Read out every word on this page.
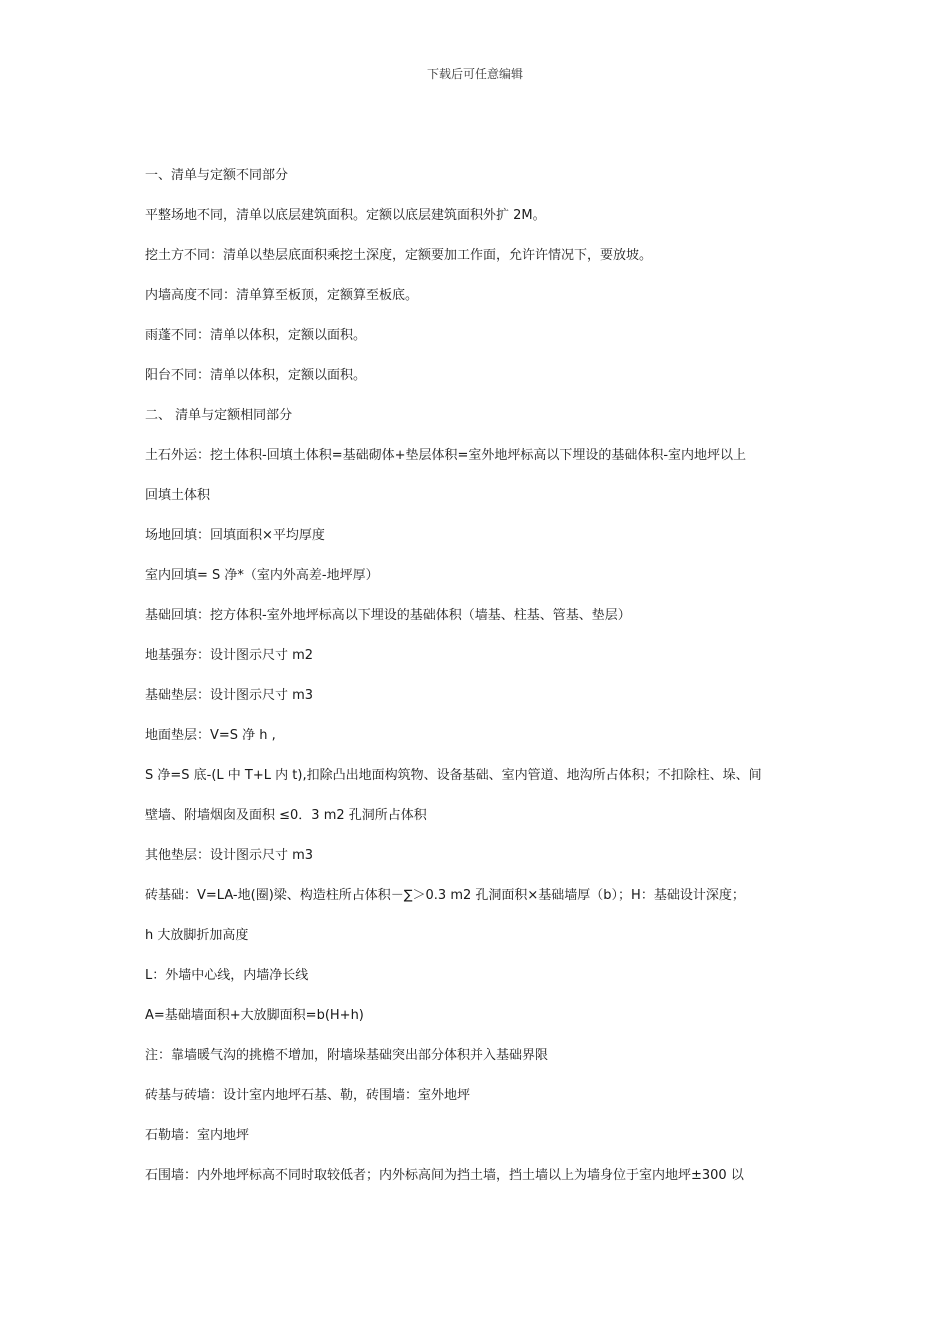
下载后可任意编辑

一、清单与定额不同部分

平整场地不同，清单以底层建筑面积。定额以底层建筑面积外扩 2M。

挖土方不同：清单以垫层底面积乘挖土深度，定额要加工作面，允许许情况下，要放坡。

内墙高度不同：清单算至板顶，定额算至板底。

雨蓬不同：清单以体积，定额以面积。

阳台不同：清单以体积，定额以面积。

二、 清单与定额相同部分

土石外运：挖土体积-回填土体积=基础砌体+垫层体积=室外地坪标高以下埋设的基础体积-室内地坪以上

回填土体积

场地回填：回填面积×平均厚度

室内回填= S 净*（室内外高差-地坪厚）

基础回填：挖方体积-室外地坪标高以下埋设的基础体积（墙基、柱基、管基、垫层）

地基强夯：设计图示尺寸 m2

基础垫层：设计图示尺寸 m3

地面垫层：V=S 净 h ,

S 净=S 底-(L 中 T+L 内 t),扣除凸出地面构筑物、设备基础、室内管道、地沟所占体积；不扣除柱、垛、间

壁墙、附墙烟囱及面积 ≤0．3 m2 孔洞所占体积

其他垫层：设计图示尺寸 m3

砖基础：V=LA-地(圈)梁、构造柱所占体积－∑＞0.3 m2 孔洞面积×基础墙厚（b）；H：基础设计深度；

h 大放脚折加高度

L：外墙中心线，内墙净长线

A=基础墙面积+大放脚面积=b(H+h)

注：靠墙暖气沟的挑檐不增加，附墙垛基础突出部分体积并入基础界限

砖基与砖墙：设计室内地坪石基、勒，砖围墙：室外地坪

石勒墙：室内地坪

石围墙：内外地坪标高不同时取较低者；内外标高间为挡土墙，挡土墙以上为墙身位于室内地坪±300 以
